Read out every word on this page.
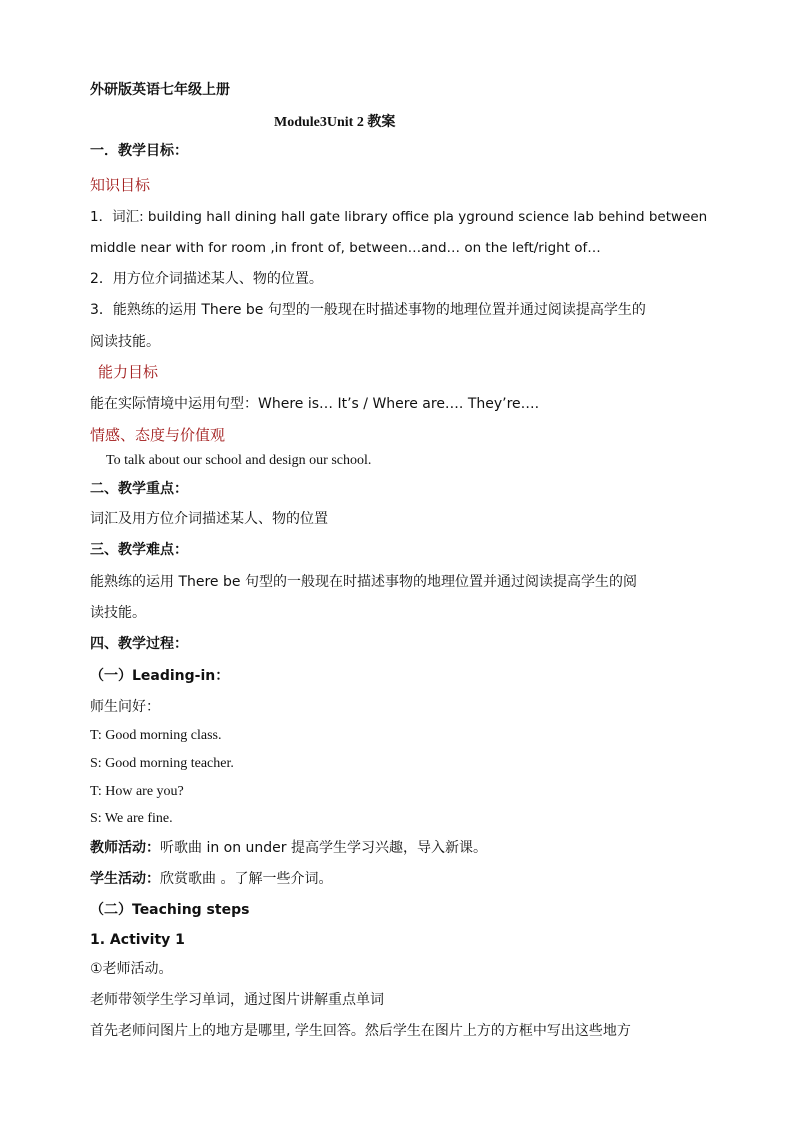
外研版英语七年级上册
Module3Unit 2 教案
一．教学目标：
知识目标
1．词汇: building hall dining hall gate library office pla yground science lab behind between
middle near with for room ,in front of, between…and… on the left/right of…
2．用方位介词描述某人、物的位置。
3．能熟练的运用 There be 句型的一般现在时描述事物的地理位置并通过阅读提高学生的
阅读技能。
能力目标
能在实际情境中运用句型：Where is… It’s / Where are…. They’re….
情感、态度与价值观
To talk about our school and design our school.
二、教学重点：
词汇及用方位介词描述某人、物的位置
三、教学难点：
能熟练的运用 There be 句型的一般现在时描述事物的地理位置并通过阅读提高学生的阅
读技能。
四、教学过程：
（一）Leading-in：
师生问好：
T: Good morning class.
S: Good morning teacher.
T: How are you?
S: We are fine.
教师活动：听歌曲 in on under 提高学生学习兴趣，导入新课。
学生活动：欣赏歌曲 。了解一些介词。
（二）Teaching steps
1. Activity 1
①老师活动。
老师带领学生学习单词，通过图片讲解重点单词
首先老师问图片上的地方是哪里, 学生回答。然后学生在图片上方的方框中写出这些地方
